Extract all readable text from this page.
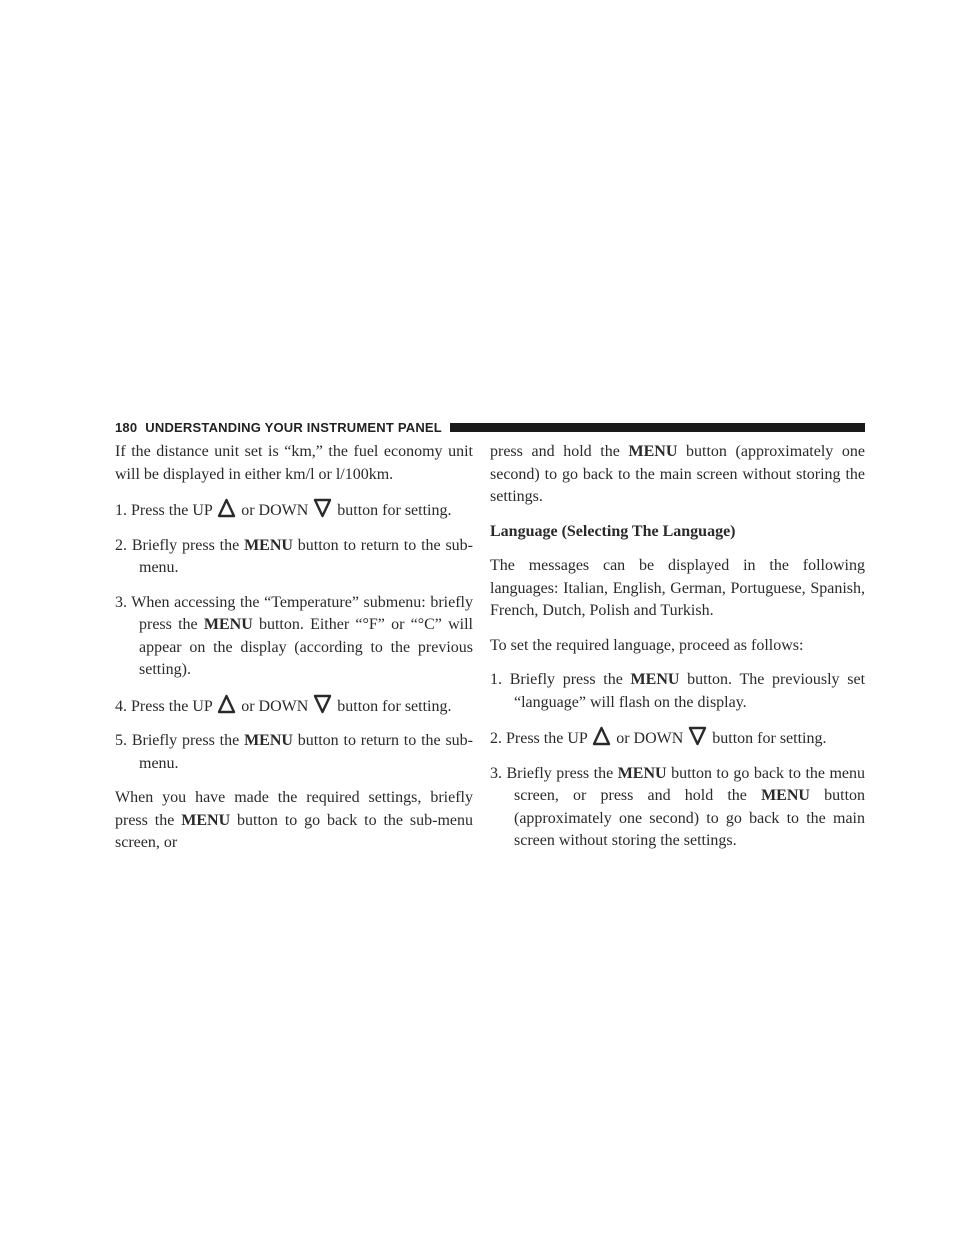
180 UNDERSTANDING YOUR INSTRUMENT PANEL

If the distance unit set is “km,” the fuel economy unit will be displayed in either km/l or l/100km.

1. Press the UP or DOWN button for setting.

2. Briefly press the MENU button to return to the sub-menu.

3. When accessing the “Temperature” submenu: briefly press the MENU button. Either “°F” or “°C” will appear on the display (according to the previous setting).

4. Press the UP or DOWN button for setting.

5. Briefly press the MENU button to return to the sub-menu.

When you have made the required settings, briefly press the MENU button to go back to the sub-menu screen, or

press and hold the MENU button (approximately one second) to go back to the main screen without storing the settings.

Language (Selecting The Language)

The messages can be displayed in the following languages: Italian, English, German, Portuguese, Spanish, French, Dutch, Polish and Turkish.

To set the required language, proceed as follows:

1. Briefly press the MENU button. The previously set “language” will flash on the display.

2. Press the UP or DOWN button for setting.

3. Briefly press the MENU button to go back to the menu screen, or press and hold the MENU button (approximately one second) to go back to the main screen without storing the settings.
